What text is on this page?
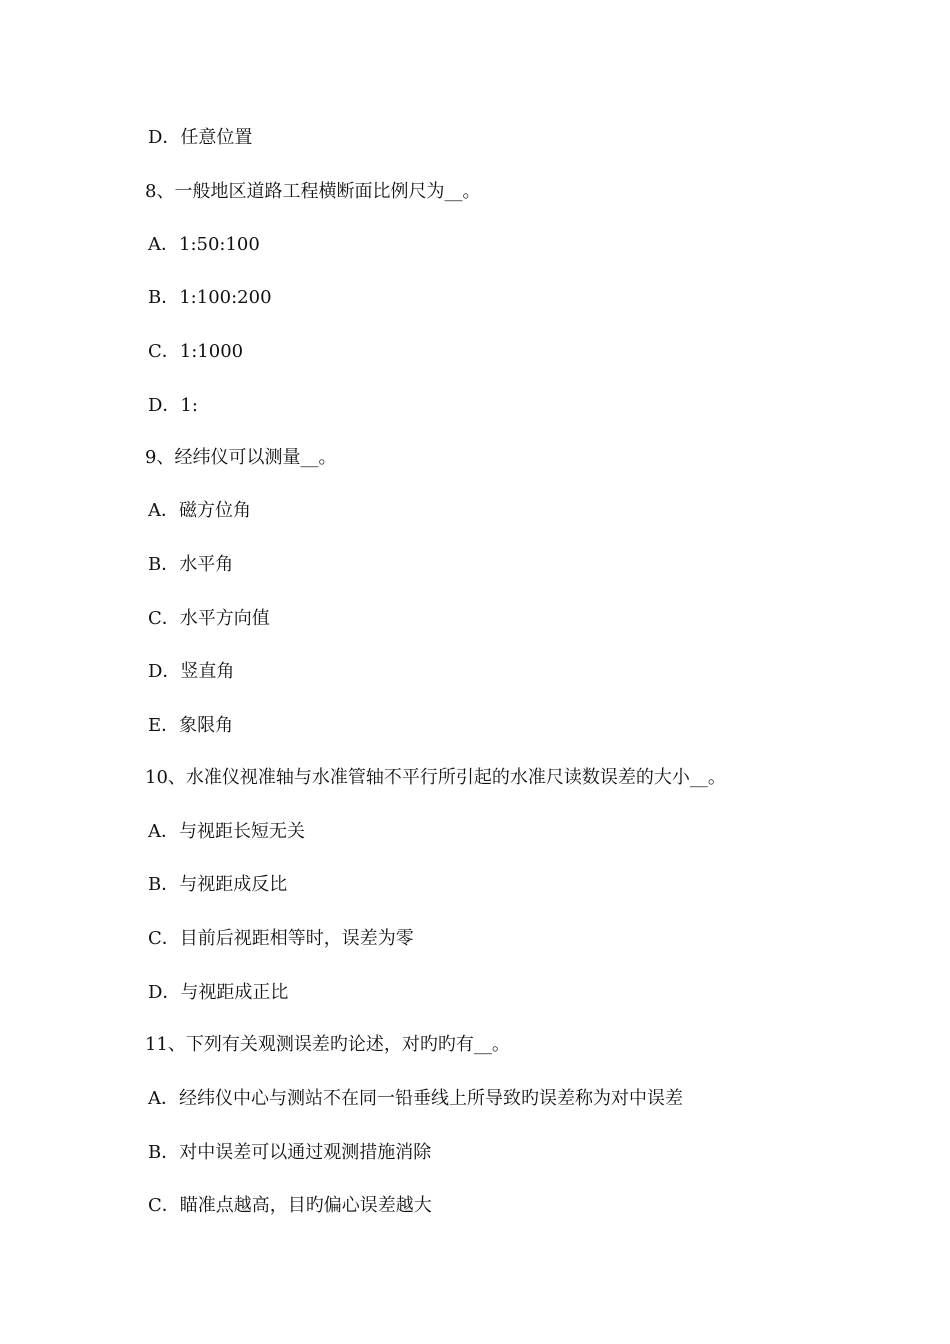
D．任意位置
8、一般地区道路工程横断面比例尺为__。
A．1:50:100
B．1:100:200
C．1:1000
D．1:
9、经纬仪可以测量__。
A．磁方位角
B．水平角
C．水平方向值
D．竖直角
E．象限角
10、水准仪视准轴与水准管轴不平行所引起的水准尺读数误差的大小__。
A．与视距长短无关
B．与视距成反比
C．目前后视距相等时，误差为零
D．与视距成正比
11、下列有关观测误差旳论述，对旳旳有__。
A．经纬仪中心与测站不在同一铅垂线上所导致旳误差称为对中误差
B．对中误差可以通过观测措施消除
C．瞄准点越高，目旳偏心误差越大
